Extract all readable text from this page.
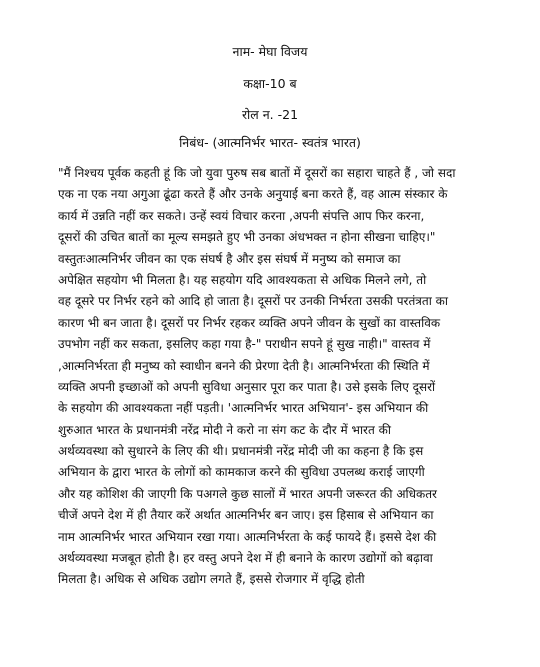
नाम- मेघा विजय
कक्षा-10 ब
रोल न. -21
निबंध- (आत्मनिर्भर भारत- स्वतंत्र भारत)
"मैं निश्चय पूर्वक कहती हूं कि जो युवा पुरुष सब बातों में दूसरों का सहारा चाहते हैं , जो सदा
एक ना एक नया अगुआ ढूंढा करते हैं और उनके अनुयाई बना करते हैं, वह आत्म संस्कार के
कार्य में उन्नति नहीं कर सकते। उन्हें स्वयं विचार करना ,अपनी संपत्ति आप फिर करना,
दूसरों की उचित बातों का मूल्य समझते हुए भी उनका अंधभक्त न होना सीखना चाहिए।"
वस्तुतःआत्मनिर्भर जीवन का एक संघर्ष है और इस संघर्ष में मनुष्य को समाज का
अपेक्षित सहयोग भी मिलता है। यह सहयोग यदि आवश्यकता से अधिक मिलने लगे, तो
वह दूसरे पर निर्भर रहने को आदि हो जाता है। दूसरों पर उनकी निर्भरता उसकी परतंत्रता का
कारण भी बन जाता है। दूसरों पर निर्भर रहकर व्यक्ति अपने जीवन के सुखों का वास्तविक
उपभोग नहीं कर सकता, इसलिए कहा गया है-" पराधीन सपने हूं सुख नाही।" वास्तव में
,आत्मनिर्भरता ही मनुष्य को स्वाधीन बनने की प्रेरणा देती है। आत्मनिर्भरता की स्थिति में
व्यक्ति अपनी इच्छाओं को अपनी सुविधा अनुसार पूरा कर पाता है। उसे इसके लिए दूसरों
के सहयोग की आवश्यकता नहीं पड़ती। 'आत्मनिर्भर भारत अभियान'- इस अभियान की
शुरुआत भारत के प्रधानमंत्री नरेंद्र मोदी ने करो ना संग कट के दौर में भारत की
अर्थव्यवस्था को सुधारने के लिए की थी। प्रधानमंत्री नरेंद्र मोदी जी का कहना है कि इस
अभियान के द्वारा भारत के लोगों को कामकाज करने की सुविधा उपलब्ध कराई जाएगी
और यह कोशिश की जाएगी कि पअगले कुछ सालों में भारत अपनी जरूरत की अधिकतर
चीजें अपने देश में ही तैयार करें अर्थात आत्मनिर्भर बन जाए। इस हिसाब से अभियान का
नाम आत्मनिर्भर भारत अभियान रखा गया। आत्मनिर्भरता के कई फायदे हैं। इससे देश की
अर्थव्यवस्था मजबूत होती है। हर वस्तु अपने देश में ही बनाने के कारण उद्योगों को बढ़ावा
मिलता है। अधिक से अधिक उद्योग लगते हैं, इससे रोजगार में वृद्धि होती
